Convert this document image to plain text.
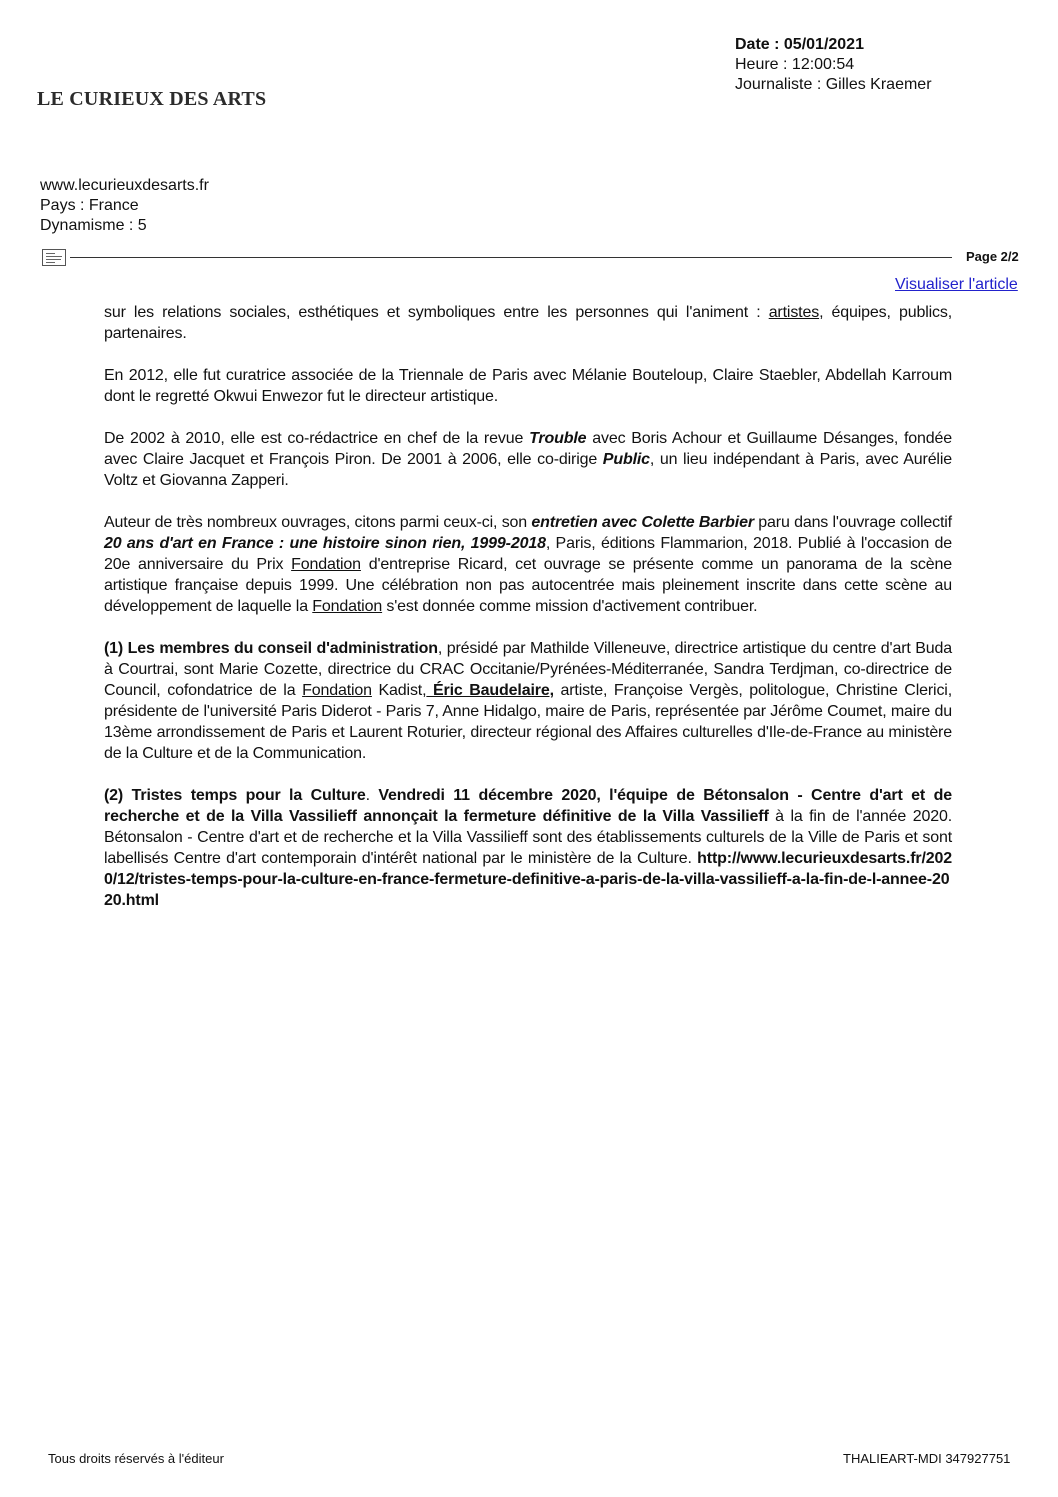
LE CURIEUX DES ARTS
Date : 05/01/2021
Heure : 12:00:54
Journaliste : Gilles Kraemer
www.lecurieuxdesarts.fr
Pays : France
Dynamisme : 5
Page 2/2
Visualiser l'article

sur les relations sociales, esthétiques et symboliques entre les personnes qui l'animent : artistes, équipes, publics, partenaires.

En 2012, elle fut curatrice associée de la Triennale de Paris avec Mélanie Bouteloup, Claire Staebler, Abdellah Karroum dont le regretté Okwui Enwezor fut le directeur artistique.

De 2002 à 2010, elle est co-rédactrice en chef de la revue Trouble avec Boris Achour et Guillaume Désanges, fondée avec Claire Jacquet et François Piron. De 2001 à 2006, elle co-dirige Public, un lieu indépendant à Paris, avec Aurélie Voltz et Giovanna Zapperi.

Auteur de très nombreux ouvrages, citons parmi ceux-ci, son entretien avec Colette Barbier paru dans l'ouvrage collectif 20 ans d'art en France : une histoire sinon rien, 1999-2018, Paris, éditions Flammarion, 2018. Publié à l'occasion de 20e anniversaire du Prix Fondation d'entreprise Ricard, cet ouvrage se présente comme un panorama de la scène artistique française depuis 1999. Une célébration non pas autocentrée mais pleinement inscrite dans cette scène au développement de laquelle la Fondation s'est donnée comme mission d'activement contribuer.

(1) Les membres du conseil d'administration, présidé par Mathilde Villeneuve, directrice artistique du centre d'art Buda à Courtrai, sont Marie Cozette, directrice du CRAC Occitanie/Pyrénées-Méditerranée, Sandra Terdjman, co-directrice de Council, cofondatrice de la Fondation Kadist, Éric Baudelaire, artiste, Françoise Vergès, politologue, Christine Clerici, présidente de l'université Paris Diderot - Paris 7, Anne Hidalgo, maire de Paris, représentée par Jérôme Coumet, maire du 13ème arrondissement de Paris et Laurent Roturier, directeur régional des Affaires culturelles d'Ile-de-France au ministère de la Culture et de la Communication.

(2) Tristes temps pour la Culture. Vendredi 11 décembre 2020, l'équipe de Bétonsalon - Centre d'art et de recherche et de la Villa Vassilieff annonçait la fermeture définitive de la Villa Vassilieff à la fin de l'année 2020. Bétonsalon - Centre d'art et de recherche et la Villa Vassilieff sont des établissements culturels de la Ville de Paris et sont labellisés Centre d'art contemporain d'intérêt national par le ministère de la Culture. http://www.lecurieuxdesarts.fr/2020/12/tristes-temps-pour-la-culture-en-france-fermeture-definitive-a-paris-de-la-villa-vassilieff-a-la-fin-de-l-annee-2020.html

Tous droits réservés à l'éditeur	THALIEART-MDI 347927751
